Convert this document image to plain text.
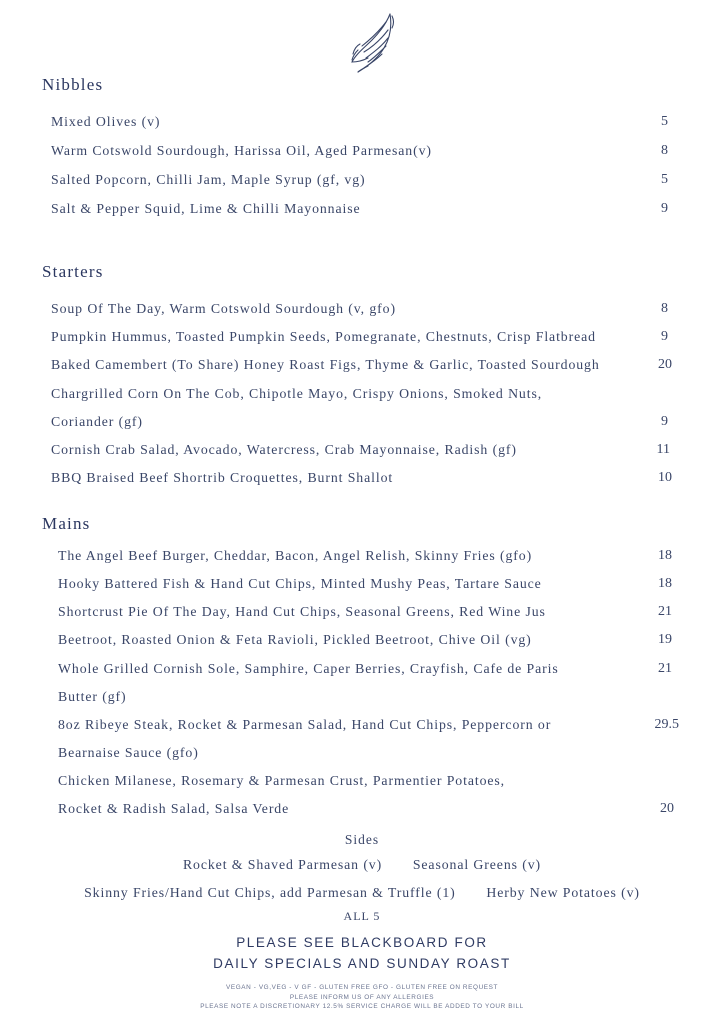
Nibbles
Mixed Olives (v)	5
Warm Cotswold Sourdough, Harissa Oil, Aged Parmesan(v)	8
Salted Popcorn, Chilli Jam, Maple Syrup (gf, vg)	5
Salt & Pepper Squid, Lime & Chilli Mayonnaise	9
Starters
Soup Of The Day, Warm Cotswold Sourdough (v, gfo)	8
Pumpkin Hummus, Toasted Pumpkin Seeds, Pomegranate, Chestnuts, Crisp Flatbread	9
Baked Camembert (To Share) Honey Roast Figs, Thyme & Garlic, Toasted Sourdough	20
Chargrilled Corn On The Cob, Chipotle Mayo, Crispy Onions, Smoked Nuts,
Coriander (gf)	9
Cornish Crab Salad, Avocado, Watercress, Crab Mayonnaise, Radish (gf)	11
BBQ Braised Beef Shortrib Croquettes, Burnt Shallot	10
Mains
The Angel Beef Burger, Cheddar, Bacon, Angel Relish, Skinny Fries (gfo)	18
Hooky Battered Fish & Hand Cut Chips, Minted Mushy Peas, Tartare Sauce	18
Shortcrust Pie Of The Day, Hand Cut Chips, Seasonal Greens, Red Wine Jus	21
Beetroot, Roasted Onion & Feta Ravioli, Pickled Beetroot, Chive Oil (vg)	19
Whole Grilled Cornish Sole, Samphire, Caper Berries, Crayfish, Cafe de Paris	21
Butter (gf)
8oz Ribeye Steak, Rocket & Parmesan Salad, Hand Cut Chips, Peppercorn or	29.5
Bearnaise Sauce (gfo)
Chicken Milanese, Rosemary & Parmesan Crust, Parmentier Potatoes,
Rocket & Radish Salad, Salsa Verde	20
Sides
Rocket & Shaved Parmesan (v) Seasonal Greens (v)
Skinny Fries/Hand Cut Chips, add Parmesan & Truffle (1) Herby New Potatoes (v)
ALL 5
PLEASE SEE BLACKBOARD FOR
DAILY SPECIALS AND SUNDAY ROAST
VEGAN - VG,VEG - V GF - GLUTEN FREE GFO - GLUTEN FREE ON REQUEST
PLEASE INFORM US OF ANY ALLERGIES
PLEASE NOTE A DISCRETIONARY 12.5% SERVICE CHARGE WILL BE ADDED TO YOUR BILL
